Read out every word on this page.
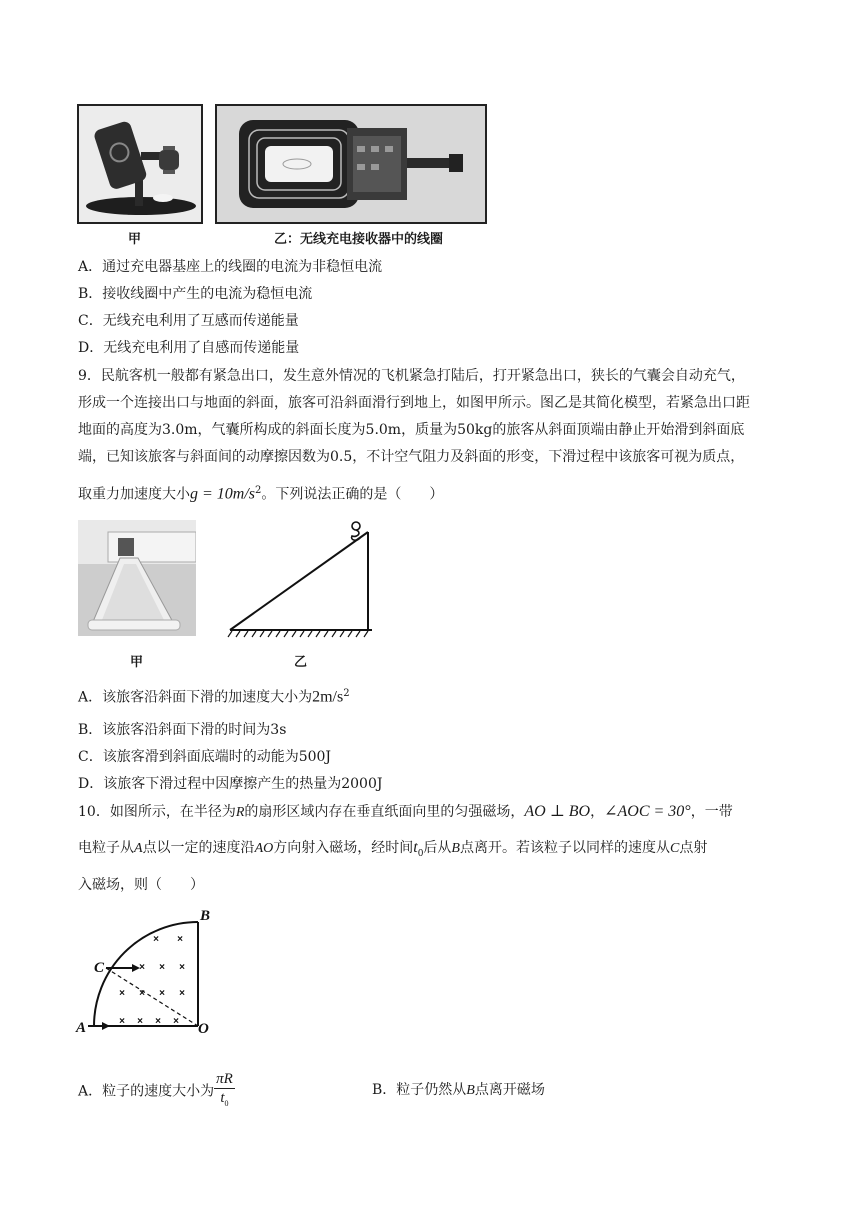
甲	乙：无线充电接收器中的线圈
A．通过充电器基座上的线圈的电流为非稳恒电流
B．接收线圈中产生的电流为稳恒电流
C．无线充电利用了互感而传递能量
D．无线充电利用了自感而传递能量
9．民航客机一般都有紧急出口，发生意外情况的飞机紧急打陆后，打开紧急出口，狭长的气囊会自动充气，
形成一个连接出口与地面的斜面，旅客可沿斜面滑行到地上，如图甲所示。图乙是其简化模型，若紧急出口距
地面的高度为3.0m，气囊所构成的斜面长度为5.0m，质量为50kg的旅客从斜面顶端由静止开始滑到斜面底
端，已知该旅客与斜面间的动摩擦因数为0.5，不计空气阻力及斜面的形变，下滑过程中该旅客可视为质点，
取重力加速度大小$g = 10m/s^2$。下列说法正确的是（　　）
甲	乙
A．该旅客沿斜面下滑的加速度大小为$2m/s^2$
B．该旅客沿斜面下滑的时间为3s
C．该旅客滑到斜面底端时的动能为500J
D．该旅客下滑过程中因摩擦产生的热量为2000J
10．如图所示，在半径为R的扇形区域内存在垂直纸面向里的匀强磁场，AO ⊥ BO，∠AOC = 30°，一带
电粒子从A点以一定的速度沿AO方向射入磁场，经时间$t_0$后从B点离开。若该粒子以同样的速度从C点射
入磁场，则（　　）
× ×
× × ×
× × × ×
× × × ×
B
C
A	O
A．粒子的速度大小为 $\frac{\pi R}{t_0}$	B．粒子仍然从B点离开磁场
